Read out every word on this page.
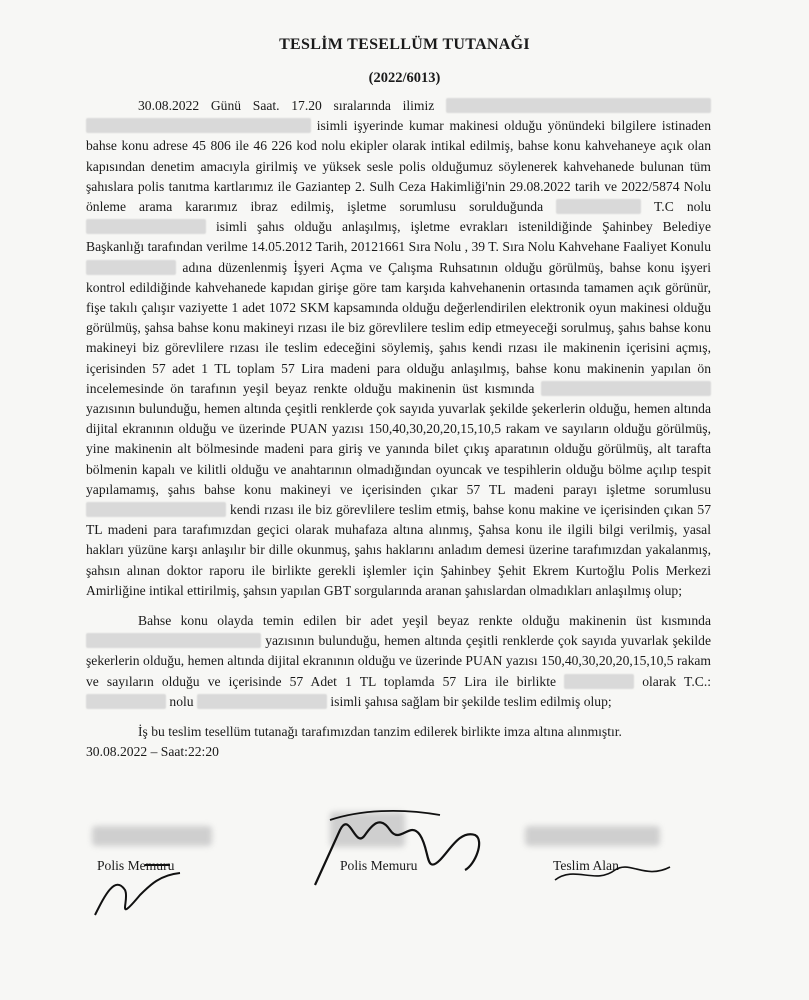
TESLİM TESELLÜM TUTANAĞI
(2022/6013)

30.08.2022 Günü Saat. 17.20 sıralarında ilimiz   isimli işyerinde kumar makinesi olduğu yönündeki bilgilere istinaden bahse konu adrese 45 806 ile 46 226 kod nolu ekipler olarak intikal edilmiş, bahse konu kahvehaneye açık olan kapısından denetim amacıyla girilmiş ve yüksek sesle polis olduğumuz söylenerek kahvehanede bulunan tüm şahıslara polis tanıtma kartlarımız ile Gaziantep 2. Sulh Ceza Hakimliği'nin 29.08.2022 tarih ve 2022/5874 Nolu önleme arama kararımız ibraz edilmiş, işletme sorumlusu sorulduğunda	T.C nolu  isimli şahıs olduğu anlaşılmış, işletme evrakları istenildiğinde Şahinbey Belediye Başkanlığı tarafından verilme 14.05.2012 Tarih, 20121661 Sıra Nolu , 39 T. Sıra Nolu Kahvehane Faaliyet Konulu  adına düzenlenmiş İşyeri Açma ve Çalışma Ruhsatının olduğu görülmüş, bahse konu işyeri kontrol edildiğinde kahvehanede kapıdan girişe göre tam karşıda kahvehanenin ortasında tamamen açık görünür, fişe takılı çalışır vaziyette 1 adet 1072 SKM kapsamında olduğu değerlendirilen elektronik oyun makinesi olduğu görülmüş, şahsa bahse konu makineyi rızası ile biz görevlilere teslim edip etmeyeceği sorulmuş, şahıs bahse konu makineyi biz görevlilere rızası ile teslim edeceğini söylemiş, şahıs kendi rızası ile makinenin içerisini açmış, içerisinden 57 adet 1 TL toplam 57 Lira madeni para olduğu anlaşılmış, bahse konu makinenin yapılan ön incelemesinde ön tarafının yeşil beyaz renkte olduğu makinenin üst kısmında  yazısının bulunduğu, hemen altında çeşitli renklerde çok sayıda yuvarlak şekilde şekerlerin olduğu, hemen altında dijital ekranının olduğu ve üzerinde PUAN yazısı 150,40,30,20,20,15,10,5 rakam ve sayıların olduğu görülmüş, yine makinenin alt bölmesinde madeni para giriş ve yanında bilet çıkış aparatının olduğu görülmüş, alt tarafta bölmenin kapalı ve kilitli olduğu ve anahtarının olmadığından oyuncak ve tespihlerin olduğu bölme açılıp tespit yapılamamış, şahıs bahse konu makineyi ve içerisinden çıkar 57 TL madeni parayı işletme sorumlusu  kendi rızası ile biz görevlilere teslim etmiş, bahse konu makine ve içerisinden çıkan 57 TL madeni para tarafımızdan geçici olarak muhafaza altına alınmış, Şahsa konu ile ilgili bilgi verilmiş, yasal hakları yüzüne karşı anlaşılır bir dille okunmuş, şahıs haklarını anladım demesi üzerine tarafımızdan yakalanmış, şahsın alınan doktor raporu ile birlikte gerekli işlemler için Şahinbey Şehit Ekrem Kurtoğlu Polis Merkezi Amirliğine intikal ettirilmiş, şahsın yapılan GBT sorgularında aranan şahıslardan olmadıkları anlaşılmış olup;

Bahse konu olayda temin edilen bir adet yeşil beyaz renkte olduğu makinenin üst kısmında  yazısının bulunduğu, hemen altında çeşitli renklerde çok sayıda yuvarlak şekilde şekerlerin olduğu, hemen altında dijital ekranının olduğu ve üzerinde PUAN yazısı 150,40,30,20,20,15,10,5 rakam ve sayıların olduğu ve içerisinde 57 Adet 1 TL toplamda 57 Lira ile birlikte	olarak T.C.:  nolu	isimli şahısa sağlam bir şekilde teslim edilmiş olup;

İş bu teslim tesellüm tutanağı tarafımızdan tanzim edilerek birlikte imza altına alınmıştır.

30.08.2022 – Saat:22:20

Polis Memuru	Polis Memuru	Teslim Alan
